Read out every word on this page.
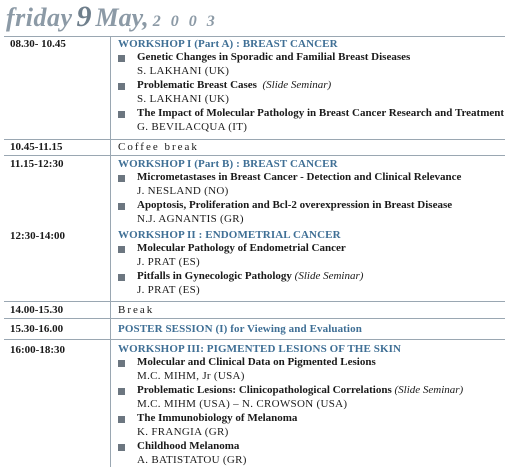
friday 9 May, 2 0 0 3
08.30- 10.45
10.45-11.15
11.15-12:30
12:30-14:00
14.00-15.30
15.30-16.00
16:00-18:30
WORKSHOP I (Part A) : BREAST CANCER
Genetic Changes in Sporadic and Familial Breast Diseases
S. LAKHANI (UK)
Problematic Breast Cases (Slide Seminar)
S. LAKHANI (UK)
The Impact of Molecular Pathology in Breast Cancer Research and Treatment
G. BEVILACQUA (IT)
Coffee break
WORKSHOP I (Part B) : BREAST CANCER
Micrometastases in Breast Cancer - Detection and Clinical Relevance
J. NESLAND (NO)
Apoptosis, Proliferation and Bcl-2 overexpression in Breast Disease
N.J. AGNANTIS (GR)
WORKSHOP II : ENDOMETRIAL CANCER
Molecular Pathology of Endometrial Cancer
J. PRAT (ES)
Pitfalls in Gynecologic Pathology (Slide Seminar)
J. PRAT (ES)
Break
POSTER SESSION (I) for Viewing and Evaluation
WORKSHOP III: PIGMENTED LESIONS OF THE SKIN
Molecular and Clinical Data on Pigmented Lesions
M.C. MIHM, Jr (USA)
Problematic Lesions: Clinicopathological Correlations (Slide Seminar)
M.C. MIHM (USA) – N. CROWSON (USA)
The Immunobiology of Melanoma
K. FRANGIA (GR)
Childhood Melanoma
A. BATISTATOU (GR)
